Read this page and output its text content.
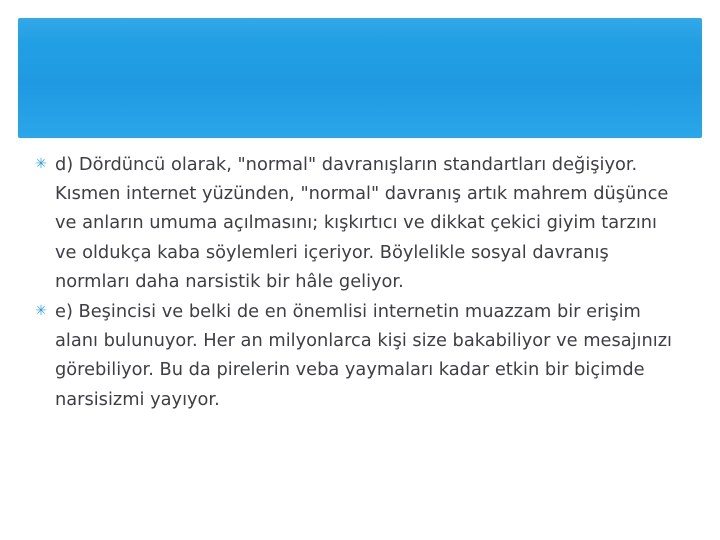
✳ d) Dördüncü olarak, "normal" davranışların standartları değişiyor. Kısmen internet yüzünden, "normal" davranış artık mahrem düşünce ve anların umuma açılmasını; kışkırtıcı ve dikkat çekici giyim tarzını ve oldukça kaba söylemleri içeriyor. Böylelikle sosyal davranış normları daha narsistik bir hâle geliyor.
✳ e) Beşincisi ve belki de en önemlisi internetin muazzam bir erişim alanı bulunuyor. Her an milyonlarca kişi size bakabiliyor ve mesajınızı görebiliyor. Bu da pirelerin veba yaymaları kadar etkin bir biçimde narsisizmi yayıyor.
